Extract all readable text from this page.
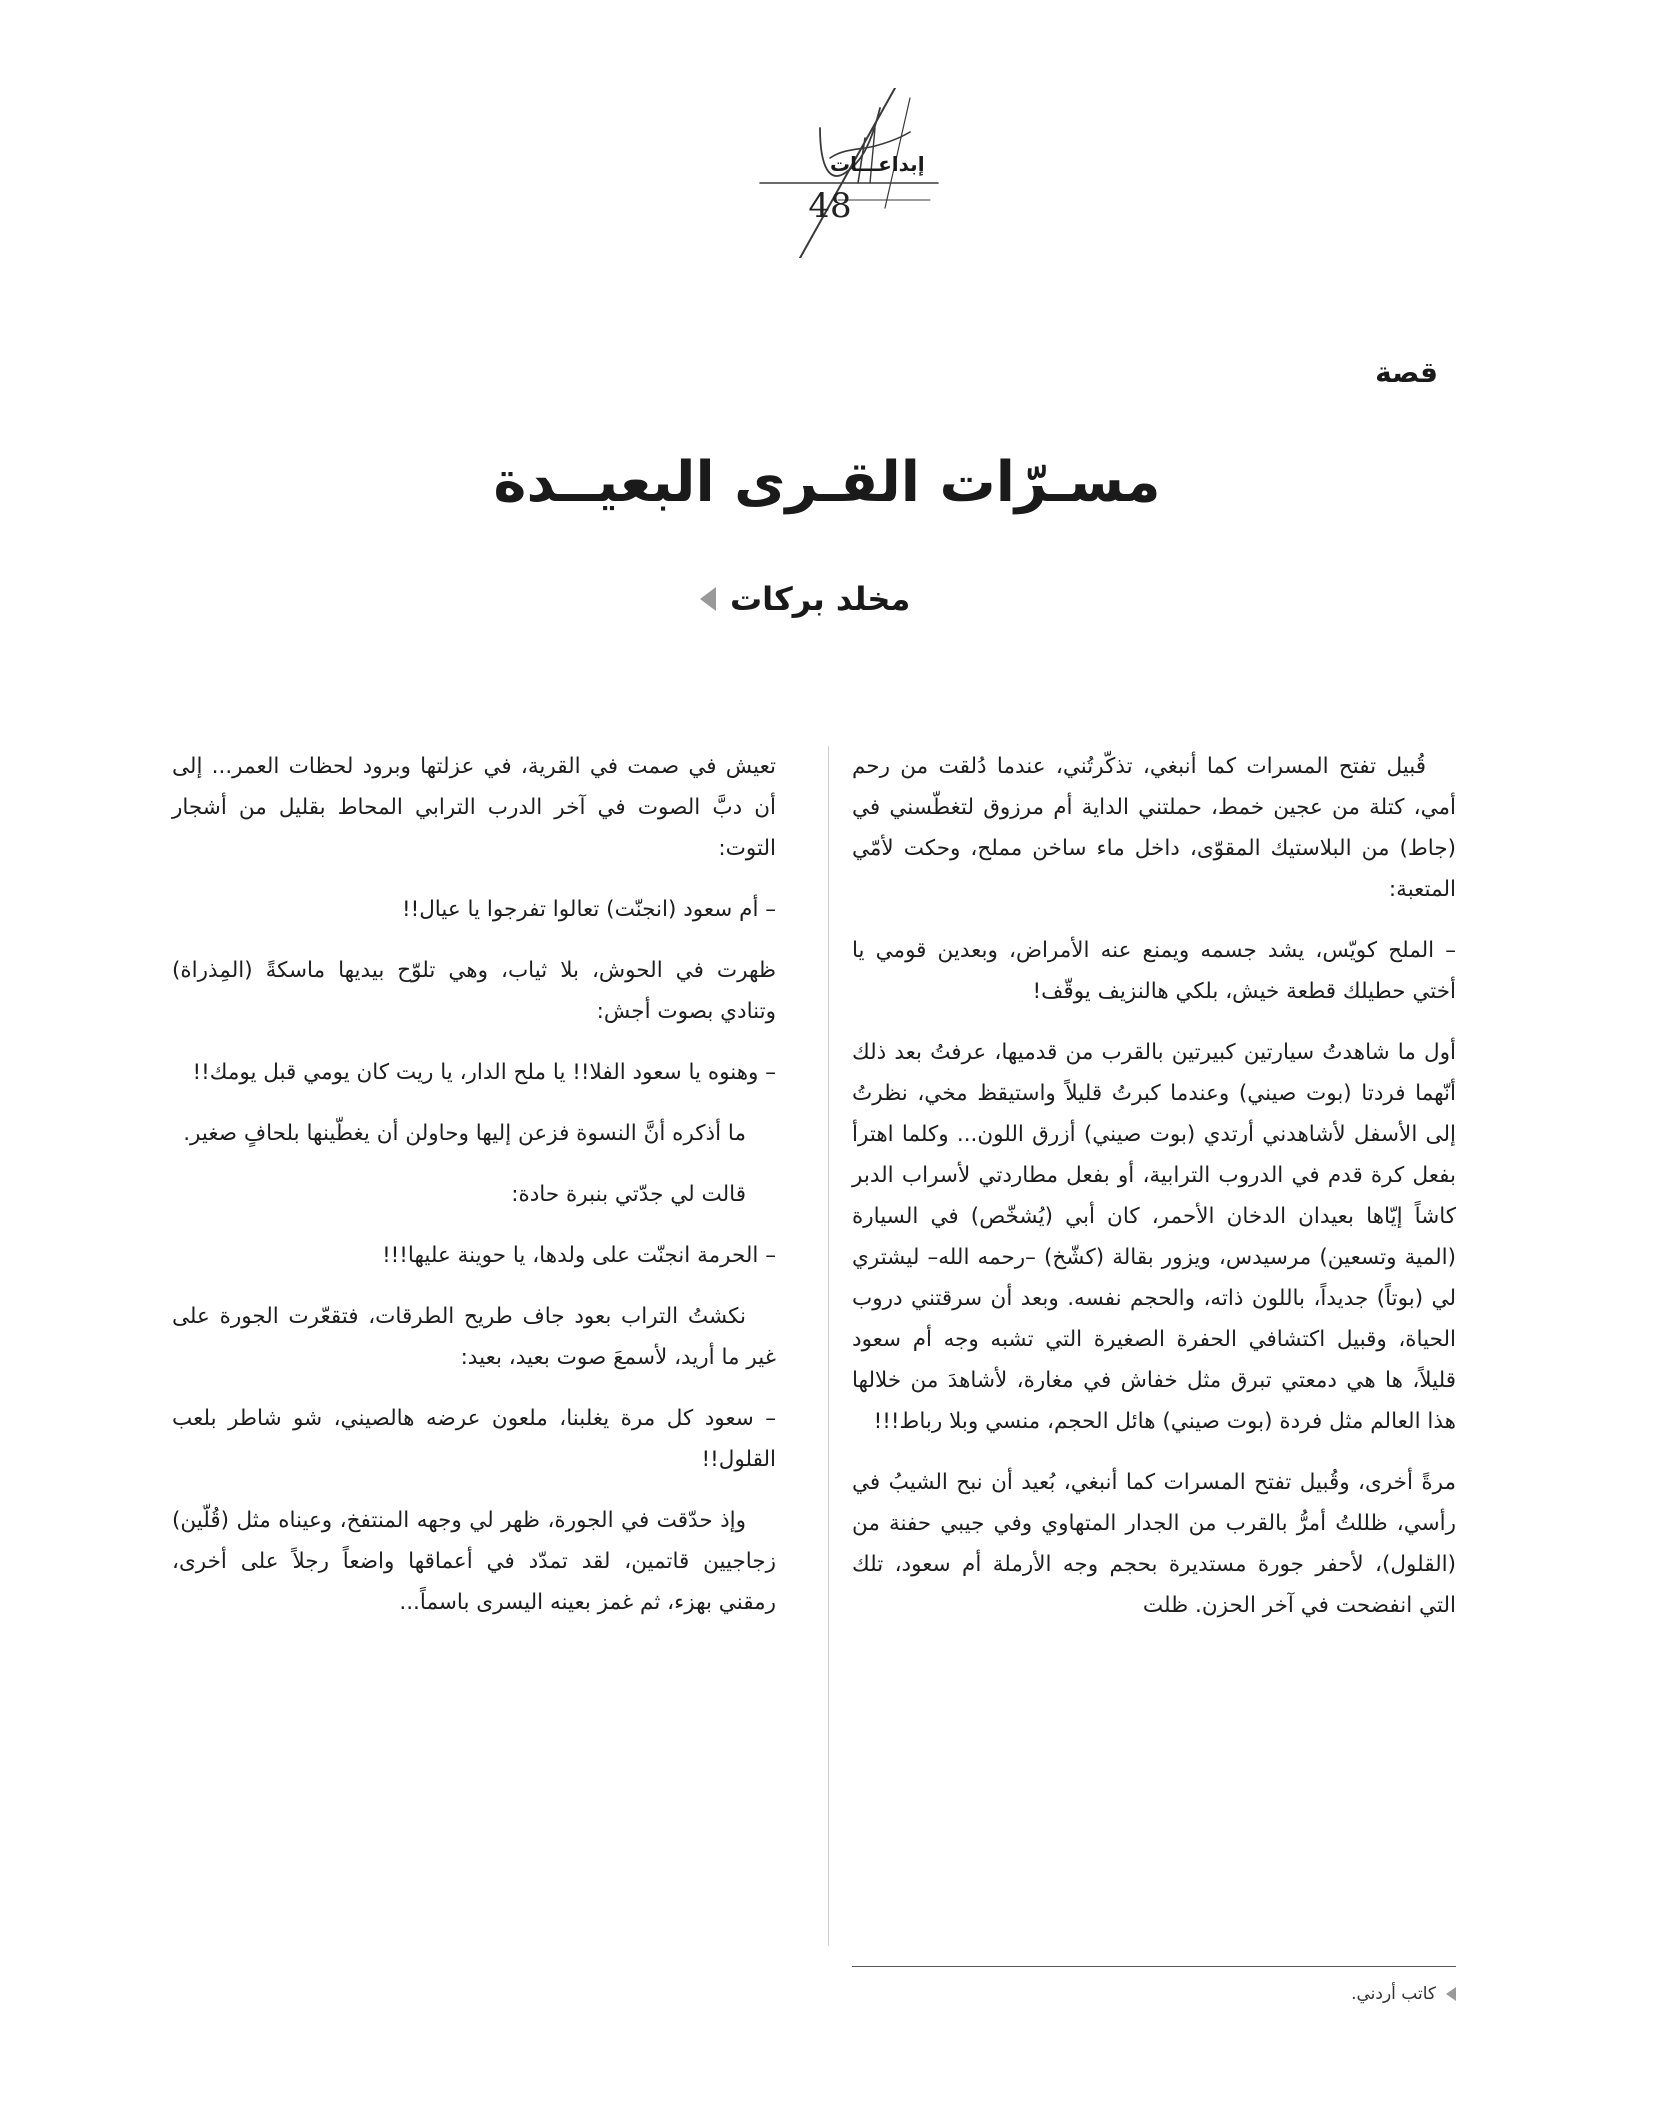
إبداعـــات
48
قصة
مسـرّات القـرى البعيــدة
مخلد بركات

قُبيل تفتح المسرات كما أنبغي، تذكّرتُني، عندما دُلقت من رحم أمي، كتلة من عجين خمط، حملتني الداية أم مرزوق لتغطّسني في (جاط) من البلاستيك المقوّى، داخل ماء ساخن مملح، وحكت لأمّي المتعبة:

– الملح كويّس، يشد جسمه ويمنع عنه الأمراض، وبعدين قومي يا أختي حطيلك قطعة خيش، بلكي هالنزيف يوقّف!

أول ما شاهدتُ سيارتين كبيرتين بالقرب من قدميها، عرفتُ بعد ذلك أنّهما فردتا (بوت صيني) وعندما كبرتُ قليلاً واستيقظ مخي، نظرتُ إلى الأسفل لأشاهدني أرتدي (بوت صيني) أزرق اللون... وكلما اهترأ بفعل كرة قدم في الدروب الترابية، أو بفعل مطاردتي لأسراب الدبر كاشاً إيّاها بعيدان الدخان الأحمر، كان أبي (يُشخّص) في السيارة (المية وتسعين) مرسيدس، ويزور بقالة (كشّخ) –رحمه الله– ليشتري لي (بوتاً) جديداً، باللون ذاته، والحجم نفسه. وبعد أن سرقتني دروب الحياة، وقبيل اكتشافي الحفرة الصغيرة التي تشبه وجه أم سعود قليلاً، ها هي دمعتي تبرق مثل خفاش في مغارة، لأشاهدَ من خلالها هذا العالم مثل فردة (بوت صيني) هائل الحجم، منسي وبلا رباط!!!

مرةً أخرى، وقُبيل تفتح المسرات كما أنبغي، بُعيد أن نبح الشيبُ في رأسي، ظللتُ أمرُّ بالقرب من الجدار المتهاوي وفي جيبي حفنة من (القلول)، لأحفر جورة مستديرة بحجم وجه الأرملة أم سعود، تلك التي انفضحت في آخر الحزن. ظلت

تعيش في صمت في القرية، في عزلتها وبرود لحظات العمر... إلى أن دبَّ الصوت في آخر الدرب الترابي المحاط بقليل من أشجار التوت:

– أم سعود (انجنّت) تعالوا تفرجوا يا عيال!!

ظهرت في الحوش، بلا ثياب، وهي تلوّح بيديها ماسكةً (المِذراة) وتنادي بصوت أجش:

– وهنوه يا سعود الفلا!! يا ملح الدار، يا ريت كان يومي قبل يومك!!

ما أذكره أنَّ النسوة فزعن إليها وحاولن أن يغطّينها بلحافٍ صغير.

قالت لي جدّتي بنبرة حادة:

– الحرمة انجنّت على ولدها، يا حوينة عليها!!!

نكشتُ التراب بعود جاف طريح الطرقات، فتقعّرت الجورة على غير ما أريد، لأسمعَ صوت بعيد، بعيد:

– سعود كل مرة يغلبنا، ملعون عرضه هالصيني، شو شاطر بلعب القلول!!

وإذ حدّقت في الجورة، ظهر لي وجهه المنتفخ، وعيناه مثل (قُلّين) زجاجيين قاتمين، لقد تمدّد في أعماقها واضعاً رجلاً على أخرى، رمقني بهزء، ثم غمز بعينه اليسرى باسماً...

كاتب أردني.
